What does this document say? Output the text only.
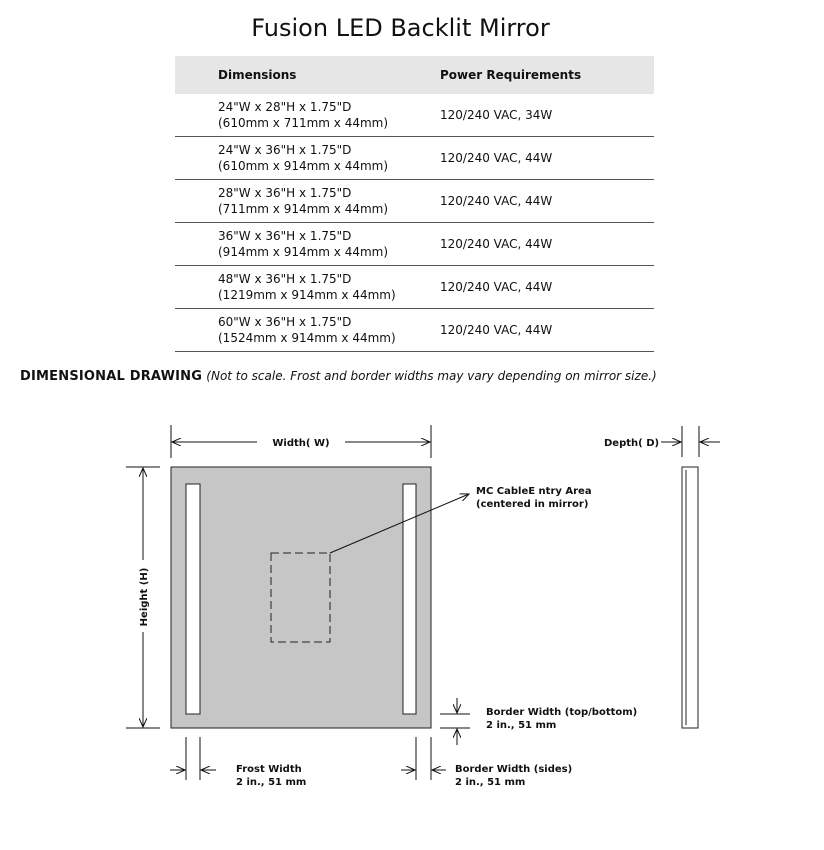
Fusion LED Backlit Mirror
Dimensions	Power Requirements
24"W x 28"H x 1.75"D
(610mm x 711mm x 44mm)	120/240 VAC, 34W
24"W x 36"H x 1.75"D
(610mm x 914mm x 44mm)	120/240 VAC, 44W
28"W x 36"H x 1.75"D
(711mm x 914mm x 44mm)	120/240 VAC, 44W
36"W x 36"H x 1.75"D
(914mm x 914mm x 44mm)	120/240 VAC, 44W
48"W x 36"H x 1.75"D
(1219mm x 914mm x 44mm)	120/240 VAC, 44W
60"W x 36"H x 1.75"D
(1524mm x 914mm x 44mm)	120/240 VAC, 44W
DIMENSIONAL DRAWING (Not to scale. Frost and border widths may vary depending on mirror size.)
Width( W)
Height (H)
Depth( D)
MC CableE ntry Area
(centered in mirror)
Border Width (top/bottom)
2 in., 51 mm
Frost Width
2 in., 51 mm
Border Width (sides)
2 in., 51 mm
